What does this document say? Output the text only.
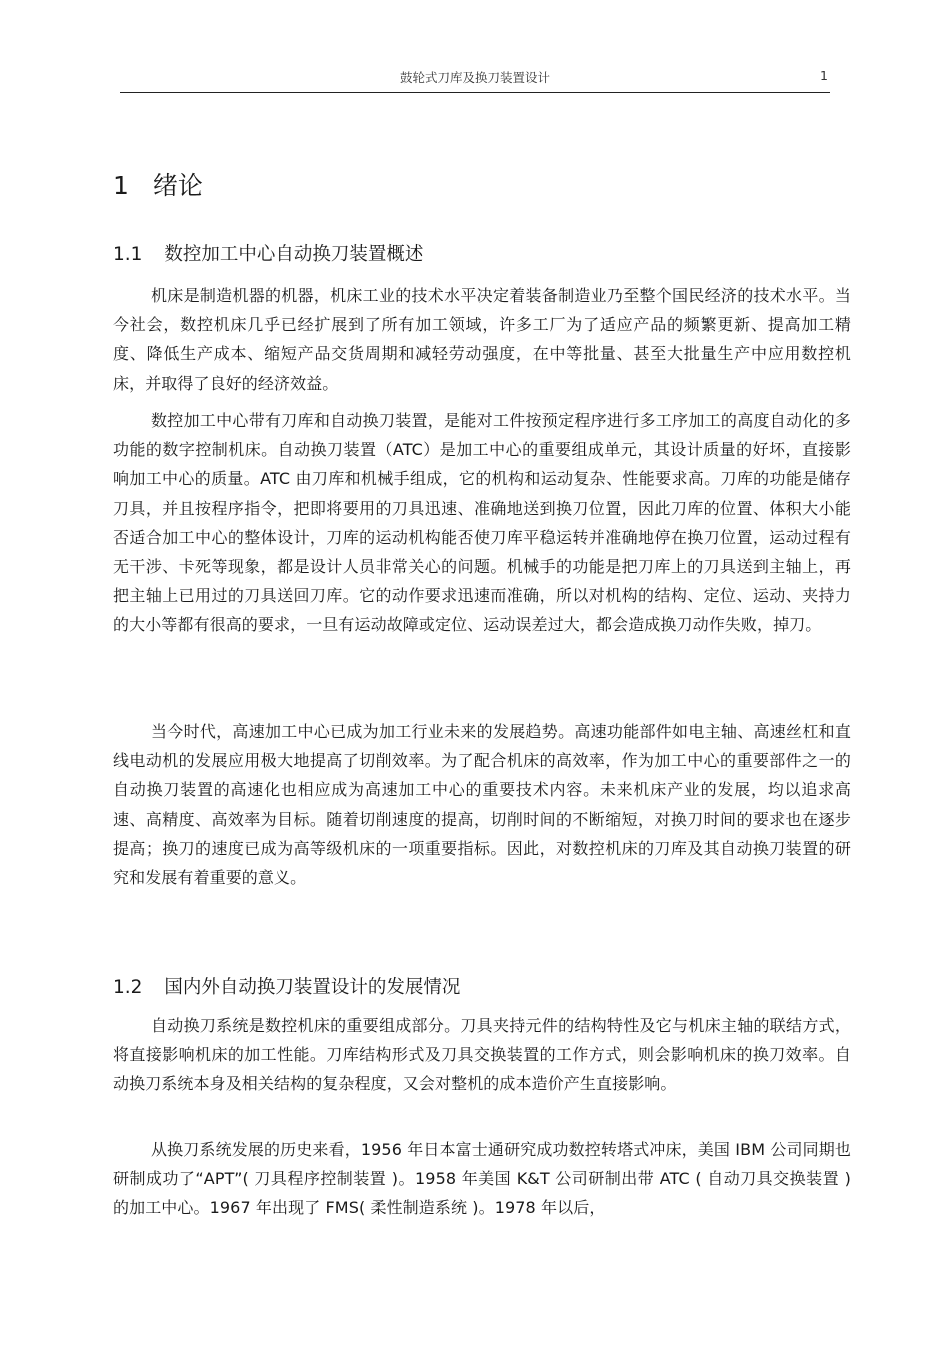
鼓轮式刀库及换刀装置设计	1
1 绪论
1.1 数控加工中心自动换刀装置概述

机床是制造机器的机器，机床工业的技术水平决定着装备制造业乃至整个国民经济的技术水平。当今社会，数控机床几乎已经扩展到了所有加工领域，许多工厂为了适应产品的频繁更新、提高加工精度、降低生产成本、缩短产品交货周期和减轻劳动强度，在中等批量、甚至大批量生产中应用数控机床，并取得了良好的经济效益。

数控加工中心带有刀库和自动换刀装置，是能对工件按预定程序进行多工序加工的高度自动化的多功能的数字控制机床。自动换刀装置（ATC）是加工中心的重要组成单元，其设计质量的好坏，直接影响加工中心的质量。ATC 由刀库和机械手组成，它的机构和运动复杂、性能要求高。刀库的功能是储存刀具，并且按程序指令，把即将要用的刀具迅速、准确地送到换刀位置，因此刀库的位置、体积大小能否适合加工中心的整体设计，刀库的运动机构能否使刀库平稳运转并准确地停在换刀位置，运动过程有无干涉、卡死等现象，都是设计人员非常关心的问题。机械手的功能是把刀库上的刀具送到主轴上，再把主轴上已用过的刀具送回刀库。它的动作要求迅速而准确，所以对机构的结构、定位、运动、夹持力的大小等都有很高的要求，一旦有运动故障或定位、运动误差过大，都会造成换刀动作失败，掉刀。

当今时代，高速加工中心已成为加工行业未来的发展趋势。高速功能部件如电主轴、高速丝杠和直线电动机的发展应用极大地提高了切削效率。为了配合机床的高效率，作为加工中心的重要部件之一的自动换刀装置的高速化也相应成为高速加工中心的重要技术内容。未来机床产业的发展，均以追求高速、高精度、高效率为目标。随着切削速度的提高，切削时间的不断缩短，对换刀时间的要求也在逐步提高；换刀的速度已成为高等级机床的一项重要指标。因此，对数控机床的刀库及其自动换刀装置的研究和发展有着重要的意义。

1.2 国内外自动换刀装置设计的发展情况

自动换刀系统是数控机床的重要组成部分。刀具夹持元件的结构特性及它与机床主轴的联结方式，将直接影响机床的加工性能。刀库结构形式及刀具交换装置的工作方式，则会影响机床的换刀效率。自动换刀系统本身及相关结构的复杂程度，又会对整机的成本造价产生直接影响。

从换刀系统发展的历史来看，1956 年日本富士通研究成功数控转塔式冲床，美国 IBM 公司同期也研制成功了“APT”( 刀具程序控制装置 )。1958 年美国 K&T 公司研制出带 ATC ( 自动刀具交换装置 ) 的加工中心。1967 年出现了 FMS( 柔性制造系统 )。1978 年以后，
